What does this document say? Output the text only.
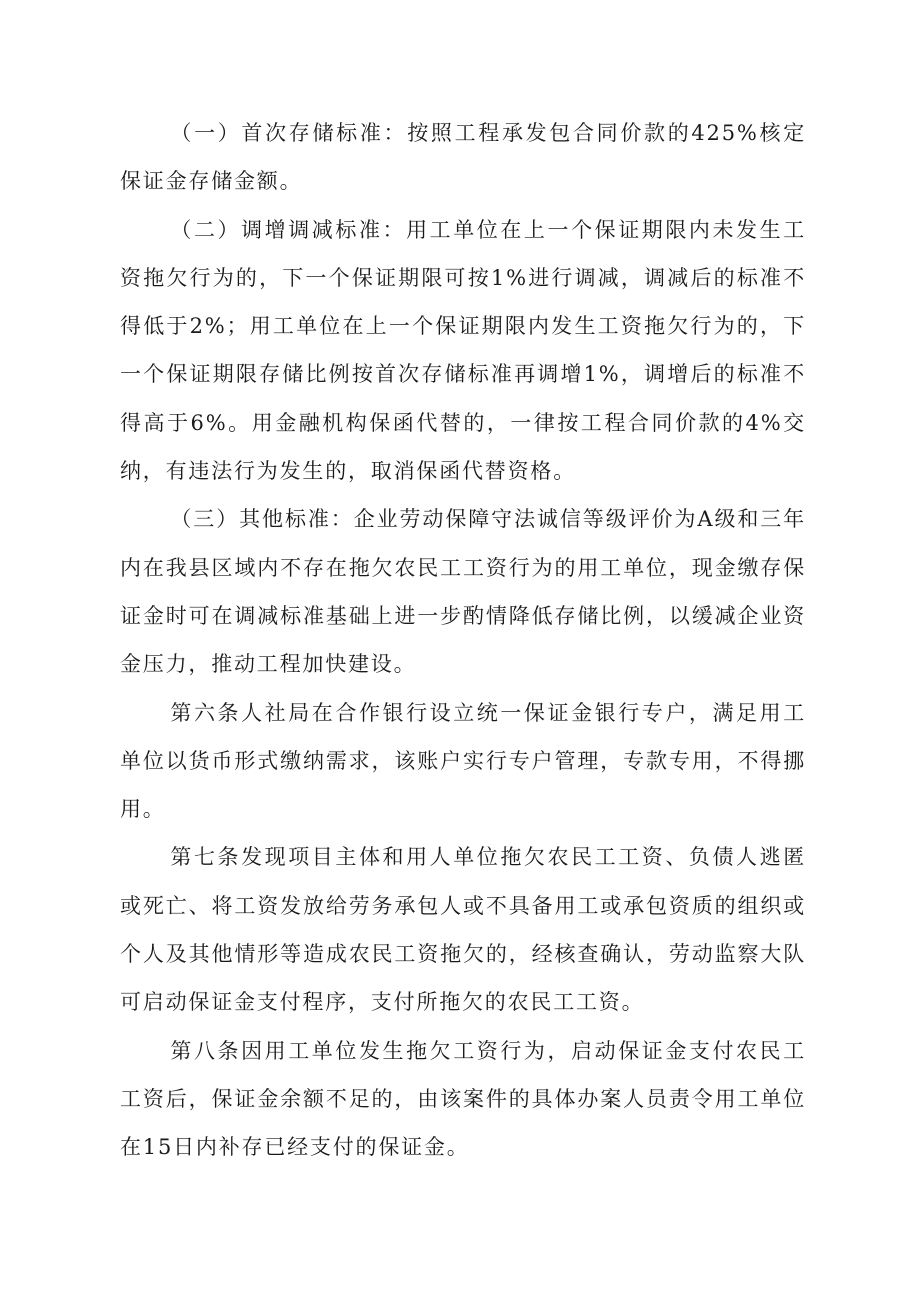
（一）首次存储标准：按照工程承发包合同价款的425%核定保证金存储金额。

（二）调增调减标准：用工单位在上一个保证期限内未发生工资拖欠行为的，下一个保证期限可按1%进行调减，调减后的标准不得低于2%；用工单位在上一个保证期限内发生工资拖欠行为的，下一个保证期限存储比例按首次存储标准再调增1%，调增后的标准不得高于6%。用金融机构保函代替的，一律按工程合同价款的4%交纳，有违法行为发生的，取消保函代替资格。

（三）其他标准：企业劳动保障守法诚信等级评价为A级和三年内在我县区域内不存在拖欠农民工工资行为的用工单位，现金缴存保证金时可在调减标准基础上进一步酌情降低存储比例，以缓减企业资金压力，推动工程加快建设。

第六条人社局在合作银行设立统一保证金银行专户，满足用工单位以货币形式缴纳需求，该账户实行专户管理，专款专用，不得挪用。

第七条发现项目主体和用人单位拖欠农民工工资、负债人逃匿或死亡、将工资发放给劳务承包人或不具备用工或承包资质的组织或个人及其他情形等造成农民工资拖欠的，经核查确认，劳动监察大队可启动保证金支付程序，支付所拖欠的农民工工资。

第八条因用工单位发生拖欠工资行为，启动保证金支付农民工工资后，保证金余额不足的，由该案件的具体办案人员责令用工单位在15日内补存已经支付的保证金。
